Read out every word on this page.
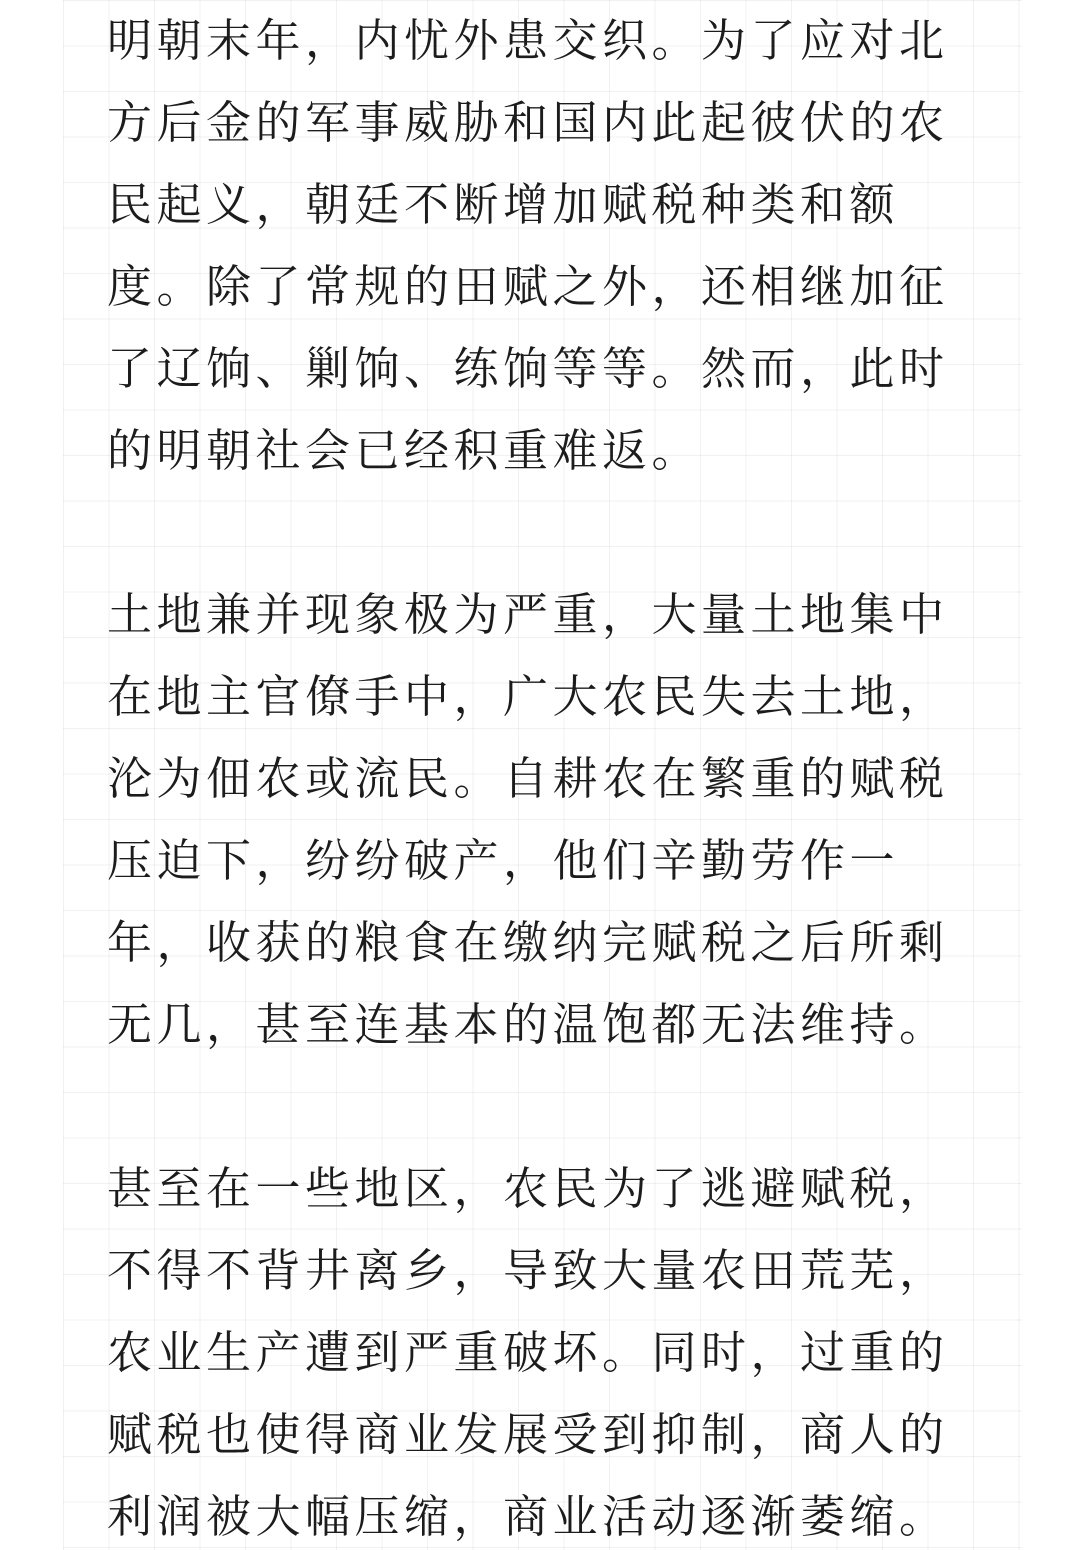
明朝末年，内忧外患交织。为了应对北
方后金的军事威胁和国内此起彼伏的农
民起义，朝廷不断增加赋税种类和额
度。除了常规的田赋之外，还相继加征
了辽饷、剿饷、练饷等等。然而，此时
的明朝社会已经积重难返。

土地兼并现象极为严重，大量土地集中
在地主官僚手中，广大农民失去土地，
沦为佃农或流民。自耕农在繁重的赋税
压迫下，纷纷破产，他们辛勤劳作一
年，收获的粮食在缴纳完赋税之后所剩
无几，甚至连基本的温饱都无法维持。

甚至在一些地区，农民为了逃避赋税，
不得不背井离乡，导致大量农田荒芜，
农业生产遭到严重破坏。同时，过重的
赋税也使得商业发展受到抑制，商人的
利润被大幅压缩，商业活动逐渐萎缩。
